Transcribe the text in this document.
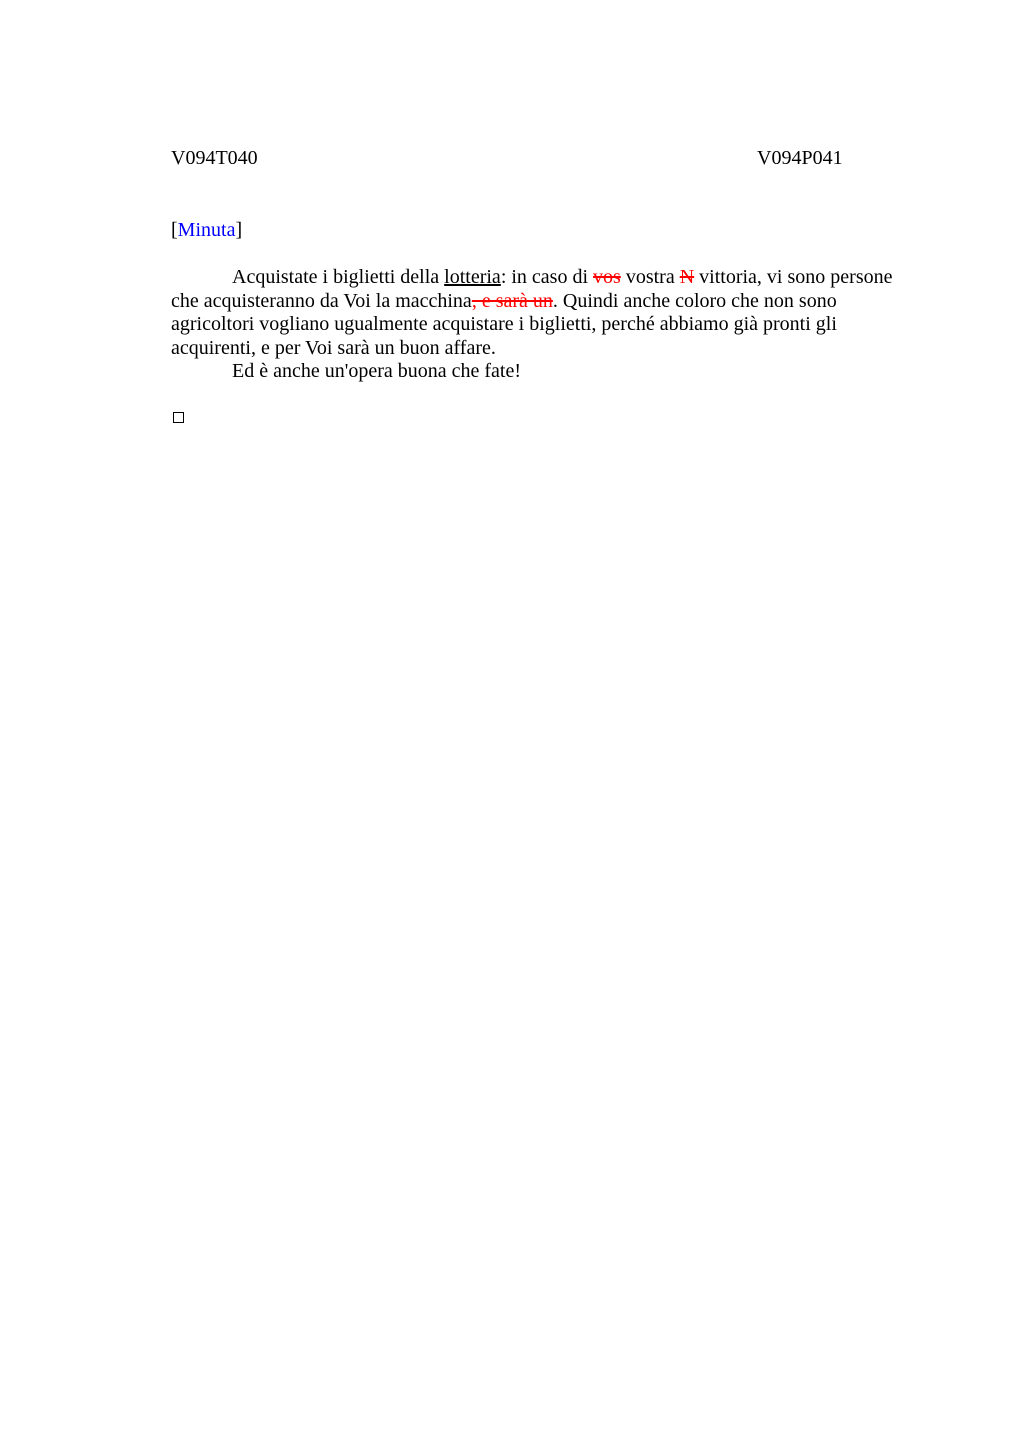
V094T040	V094P041
[Minuta]

Acquistate i biglietti della lotteria: in caso di vos vostra N vittoria, vi sono persone che acquisteranno da Voi la macchina, e sarà un. Quindi anche coloro che non sono agricoltori vogliano ugualmente acquistare i biglietti, perché abbiamo già pronti gli acquirenti, e per Voi sarà un buon affare.

Ed è anche un'opera buona che fate!
